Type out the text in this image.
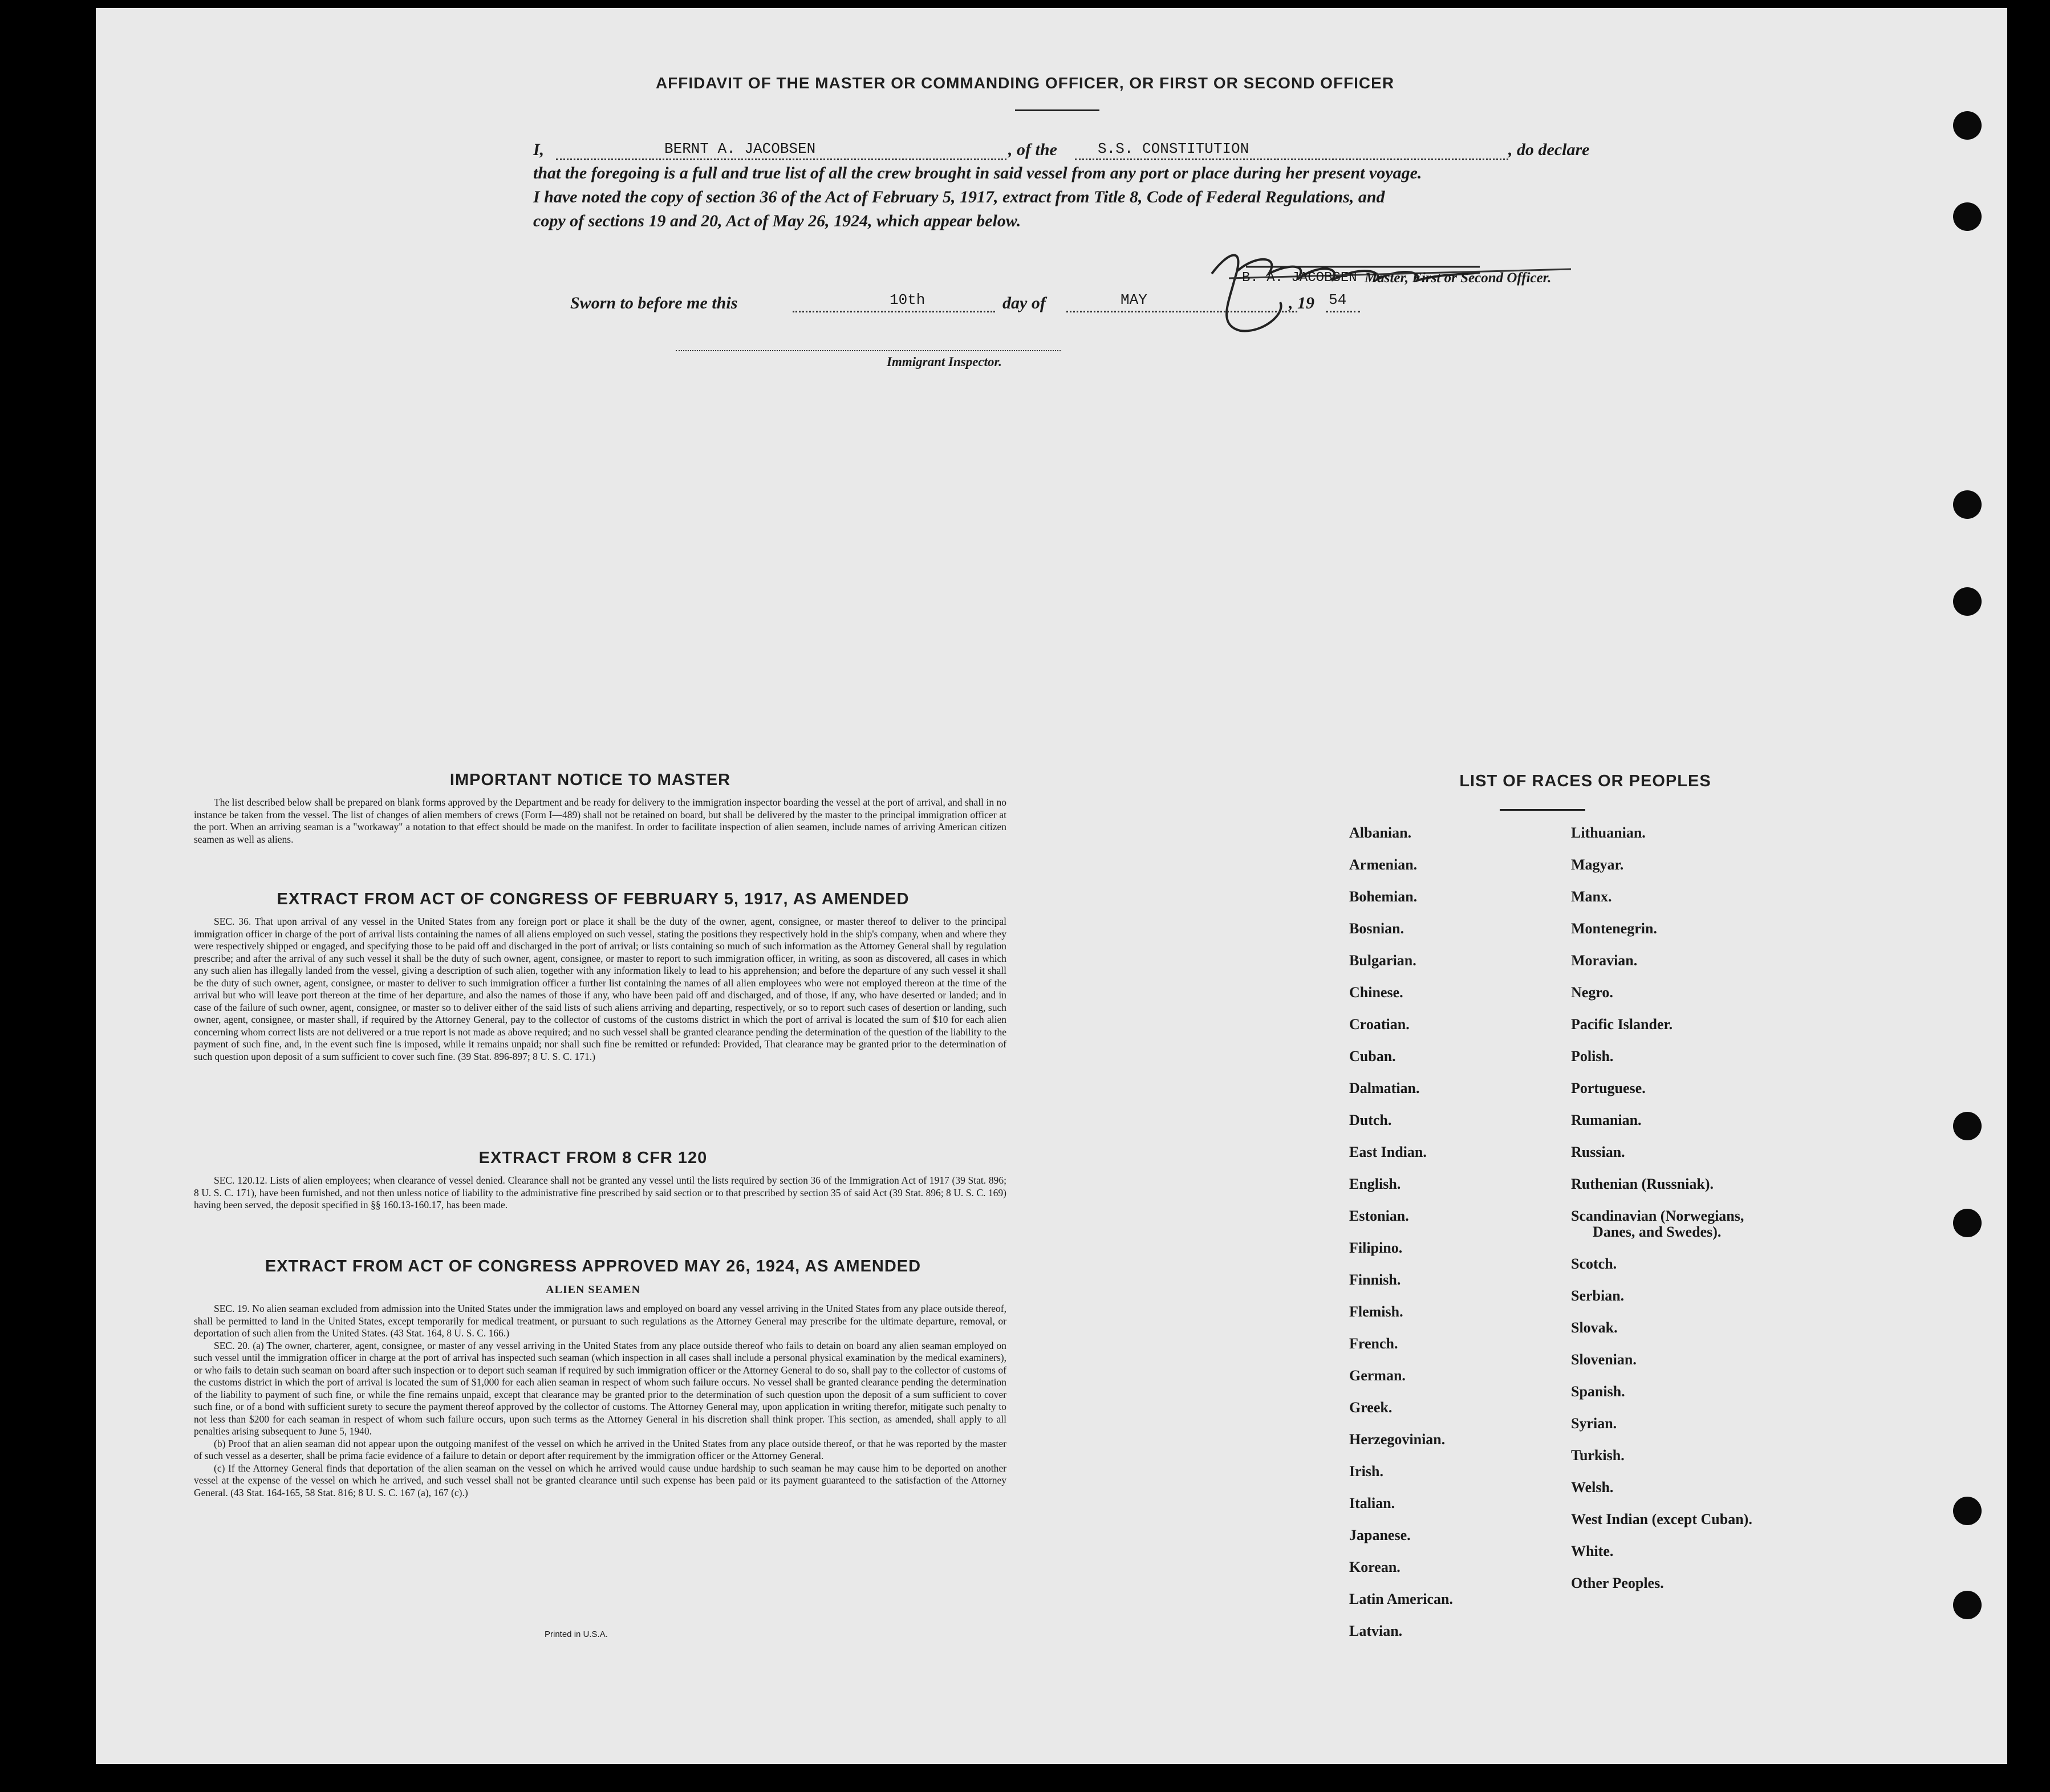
AFFIDAVIT OF THE MASTER OR COMMANDING OFFICER, OR FIRST OR SECOND OFFICER
I,	BERNT A. JACOBSEN	, of the	S.S. CONSTITUTION	, do declare
that the foregoing is a full and true list of all the crew brought in said vessel from any port or place during her present voyage.
I have noted the copy of section 36 of the Act of February 5, 1917, extract from Title 8, Code of Federal Regulations, and
copy of sections 19 and 20, Act of May 26, 1924, which appear below.
B. A. JACOBSEN Master, First or Second Officer.
Sworn to before me this	10th	day of	MAY	, 19 54
Immigrant Inspector.
IMPORTANT NOTICE TO MASTER
The list described below shall be prepared on blank forms approved by the Department and be ready for delivery to the immigration inspector boarding the vessel at the port of arrival, and shall in no instance be taken from the vessel. The list of changes of alien members of crews (Form I—489) shall not be retained on board, but shall be delivered by the master to the principal immigration officer at the port. When an arriving seaman is a "workaway" a notation to that effect should be made on the manifest. In order to facilitate inspection of alien seamen, include names of arriving American citizen seamen as well as aliens.
EXTRACT FROM ACT OF CONGRESS OF FEBRUARY 5, 1917, AS AMENDED
SEC. 36. That upon arrival of any vessel in the United States from any foreign port or place it shall be the duty of the owner, agent, consignee, or master thereof to deliver to the principal immigration officer in charge of the port of arrival lists containing the names of all aliens employed on such vessel, stating the positions they respectively hold in the ship's company, when and where they were respectively shipped or engaged, and specifying those to be paid off and discharged in the port of arrival; or lists containing so much of such information as the Attorney General shall by regulation prescribe; and after the arrival of any such vessel it shall be the duty of such owner, agent, consignee, or master to report to such immigration officer, in writing, as soon as discovered, all cases in which any such alien has illegally landed from the vessel, giving a description of such alien, together with any information likely to lead to his apprehension; and before the departure of any such vessel it shall be the duty of such owner, agent, consignee, or master to deliver to such immigration officer a further list containing the names of all alien employees who were not employed thereon at the time of the arrival but who will leave port thereon at the time of her departure, and also the names of those if any, who have been paid off and discharged, and of those, if any, who have deserted or landed; and in case of the failure of such owner, agent, consignee, or master so to deliver either of the said lists of such aliens arriving and departing, respectively, or so to report such cases of desertion or landing, such owner, agent, consignee, or master shall, if required by the Attorney General, pay to the collector of customs of the customs district in which the port of arrival is located the sum of $10 for each alien concerning whom correct lists are not delivered or a true report is not made as above required; and no such vessel shall be granted clearance pending the determination of the question of the liability to the payment of such fine, and, in the event such fine is imposed, while it remains unpaid; nor shall such fine be remitted or refunded: Provided, That clearance may be granted prior to the determination of such question upon deposit of a sum sufficient to cover such fine. (39 Stat. 896-897; 8 U. S. C. 171.)
EXTRACT FROM 8 CFR 120
SEC. 120.12. Lists of alien employees; when clearance of vessel denied. Clearance shall not be granted any vessel until the lists required by section 36 of the Immigration Act of 1917 (39 Stat. 896; 8 U. S. C. 171), have been furnished, and not then unless notice of liability to the administrative fine prescribed by said section or to that prescribed by section 35 of said Act (39 Stat. 896; 8 U. S. C. 169) having been served, the deposit specified in §§ 160.13-160.17, has been made.
EXTRACT FROM ACT OF CONGRESS APPROVED MAY 26, 1924, AS AMENDED
ALIEN SEAMEN
SEC. 19. No alien seaman excluded from admission into the United States under the immigration laws and employed on board any vessel arriving in the United States from any place outside thereof, shall be permitted to land in the United States, except temporarily for medical treatment, or pursuant to such regulations as the Attorney General may prescribe for the ultimate departure, removal, or deportation of such alien from the United States. (43 Stat. 164, 8 U. S. C. 166.)
SEC. 20. (a) The owner, charterer, agent, consignee, or master of any vessel arriving in the United States from any place outside thereof who fails to detain on board any alien seaman employed on such vessel until the immigration officer in charge at the port of arrival has inspected such seaman (which inspection in all cases shall include a personal physical examination by the medical examiners), or who fails to detain such seaman on board after such inspection or to deport such seaman if required by such immigration officer or the Attorney General to do so, shall pay to the collector of customs of the customs district in which the port of arrival is located the sum of $1,000 for each alien seaman in respect of whom such failure occurs. No vessel shall be granted clearance pending the determination of the liability to payment of such fine, or while the fine remains unpaid, except that clearance may be granted prior to the determination of such question upon the deposit of a sum sufficient to cover such fine, or of a bond with sufficient surety to secure the payment thereof approved by the collector of customs. The Attorney General may, upon application in writing therefor, mitigate such penalty to not less than $200 for each seaman in respect of whom such failure occurs, upon such terms as the Attorney General in his discretion shall think proper. This section, as amended, shall apply to all penalties arising subsequent to June 5, 1940.
(b) Proof that an alien seaman did not appear upon the outgoing manifest of the vessel on which he arrived in the United States from any place outside thereof, or that he was reported by the master of such vessel as a deserter, shall be prima facie evidence of a failure to detain or deport after requirement by the immigration officer or the Attorney General.
(c) If the Attorney General finds that deportation of the alien seaman on the vessel on which he arrived would cause undue hardship to such seaman he may cause him to be deported on another vessel at the expense of the vessel on which he arrived, and such vessel shall not be granted clearance until such expense has been paid or its payment guaranteed to the satisfaction of the Attorney General. (43 Stat. 164-165, 58 Stat. 816; 8 U. S. C. 167 (a), 167 (c).)
Printed in U.S.A.
LIST OF RACES OR PEOPLES
Albanian.
Armenian.
Bohemian.
Bosnian.
Bulgarian.
Chinese.
Croatian.
Cuban.
Dalmatian.
Dutch.
East Indian.
English.
Estonian.
Filipino.
Finnish.
Flemish.
French.
German.
Greek.
Herzegovinian.
Irish.
Italian.
Japanese.
Korean.
Latin American.
Latvian.
Lithuanian.
Magyar.
Manx.
Montenegrin.
Moravian.
Negro.
Pacific Islander.
Polish.
Portuguese.
Rumanian.
Russian.
Ruthenian (Russniak).
Scandinavian (Norwegians,
Danes, and Swedes).
Scotch.
Serbian.
Slovak.
Slovenian.
Spanish.
Syrian.
Turkish.
Welsh.
West Indian (except Cuban).
White.
Other Peoples.
